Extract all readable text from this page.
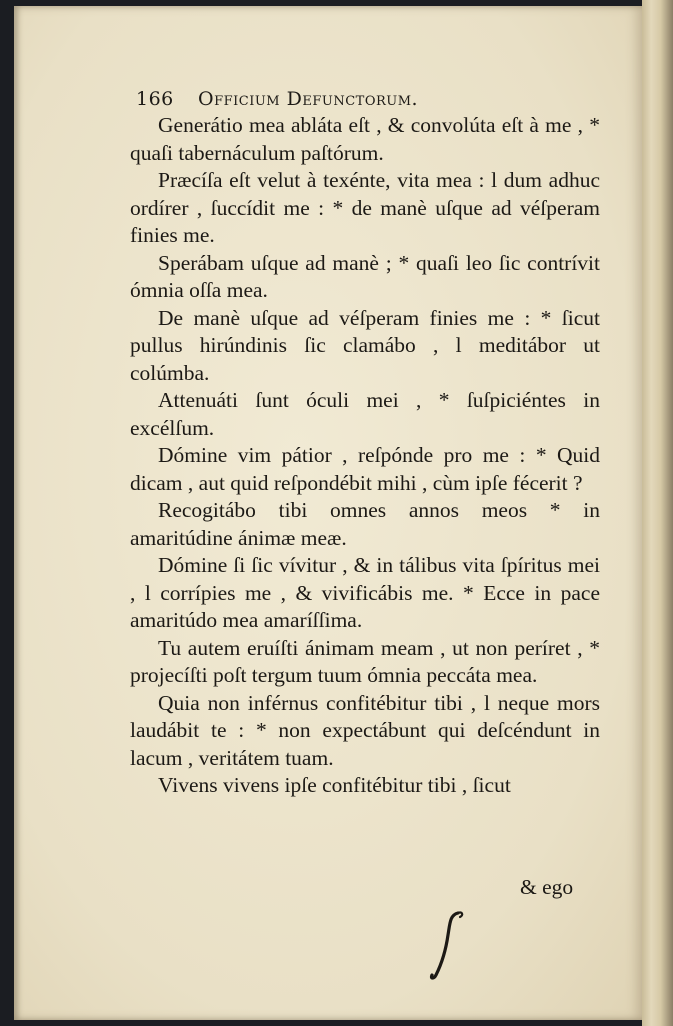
166 Officium Defunctorum.

Generátio mea abláta eſt , & convolúta eſt à me , * quaſi tabernáculum paſtórum.

Præcíſa eſt velut à texénte, vita mea : l dum adhuc ordírer , ſuccídit me : * de manè uſque ad véſperam finies me.

Sperábam uſque ad manè ; * quaſi leo ſic contrívit ómnia oſſa mea.

De manè uſque ad véſperam finies me : * ſicut pullus hirúndinis ſic clamábo , l meditábor ut colúmba.

Attenuáti ſunt óculi mei , * ſuſpiciéntes in excélſum.

Dómine vim pátior , reſpónde pro me : * Quid dicam , aut quid reſpondébit mihi , cùm ipſe fécerit ?

Recogitábo tibi omnes annos meos * in amaritúdine ánimæ meæ.

Dómine ſi ſic vívitur , & in tálibus vita ſpíritus mei , l corrípies me , & vivificábis me. * Ecce in pace amaritúdo mea amaríſſima.

Tu autem eruíſti ánimam meam , ut non períret , * projecíſti poſt tergum tuum ómnia peccáta mea.

Quia non inférnus confitébitur tibi , l neque mors laudábit te : * non expectábunt qui deſcéndunt in lacum , veritátem tuam.

Vivens vivens ipſe confitébitur tibi , ſicut

& ego
